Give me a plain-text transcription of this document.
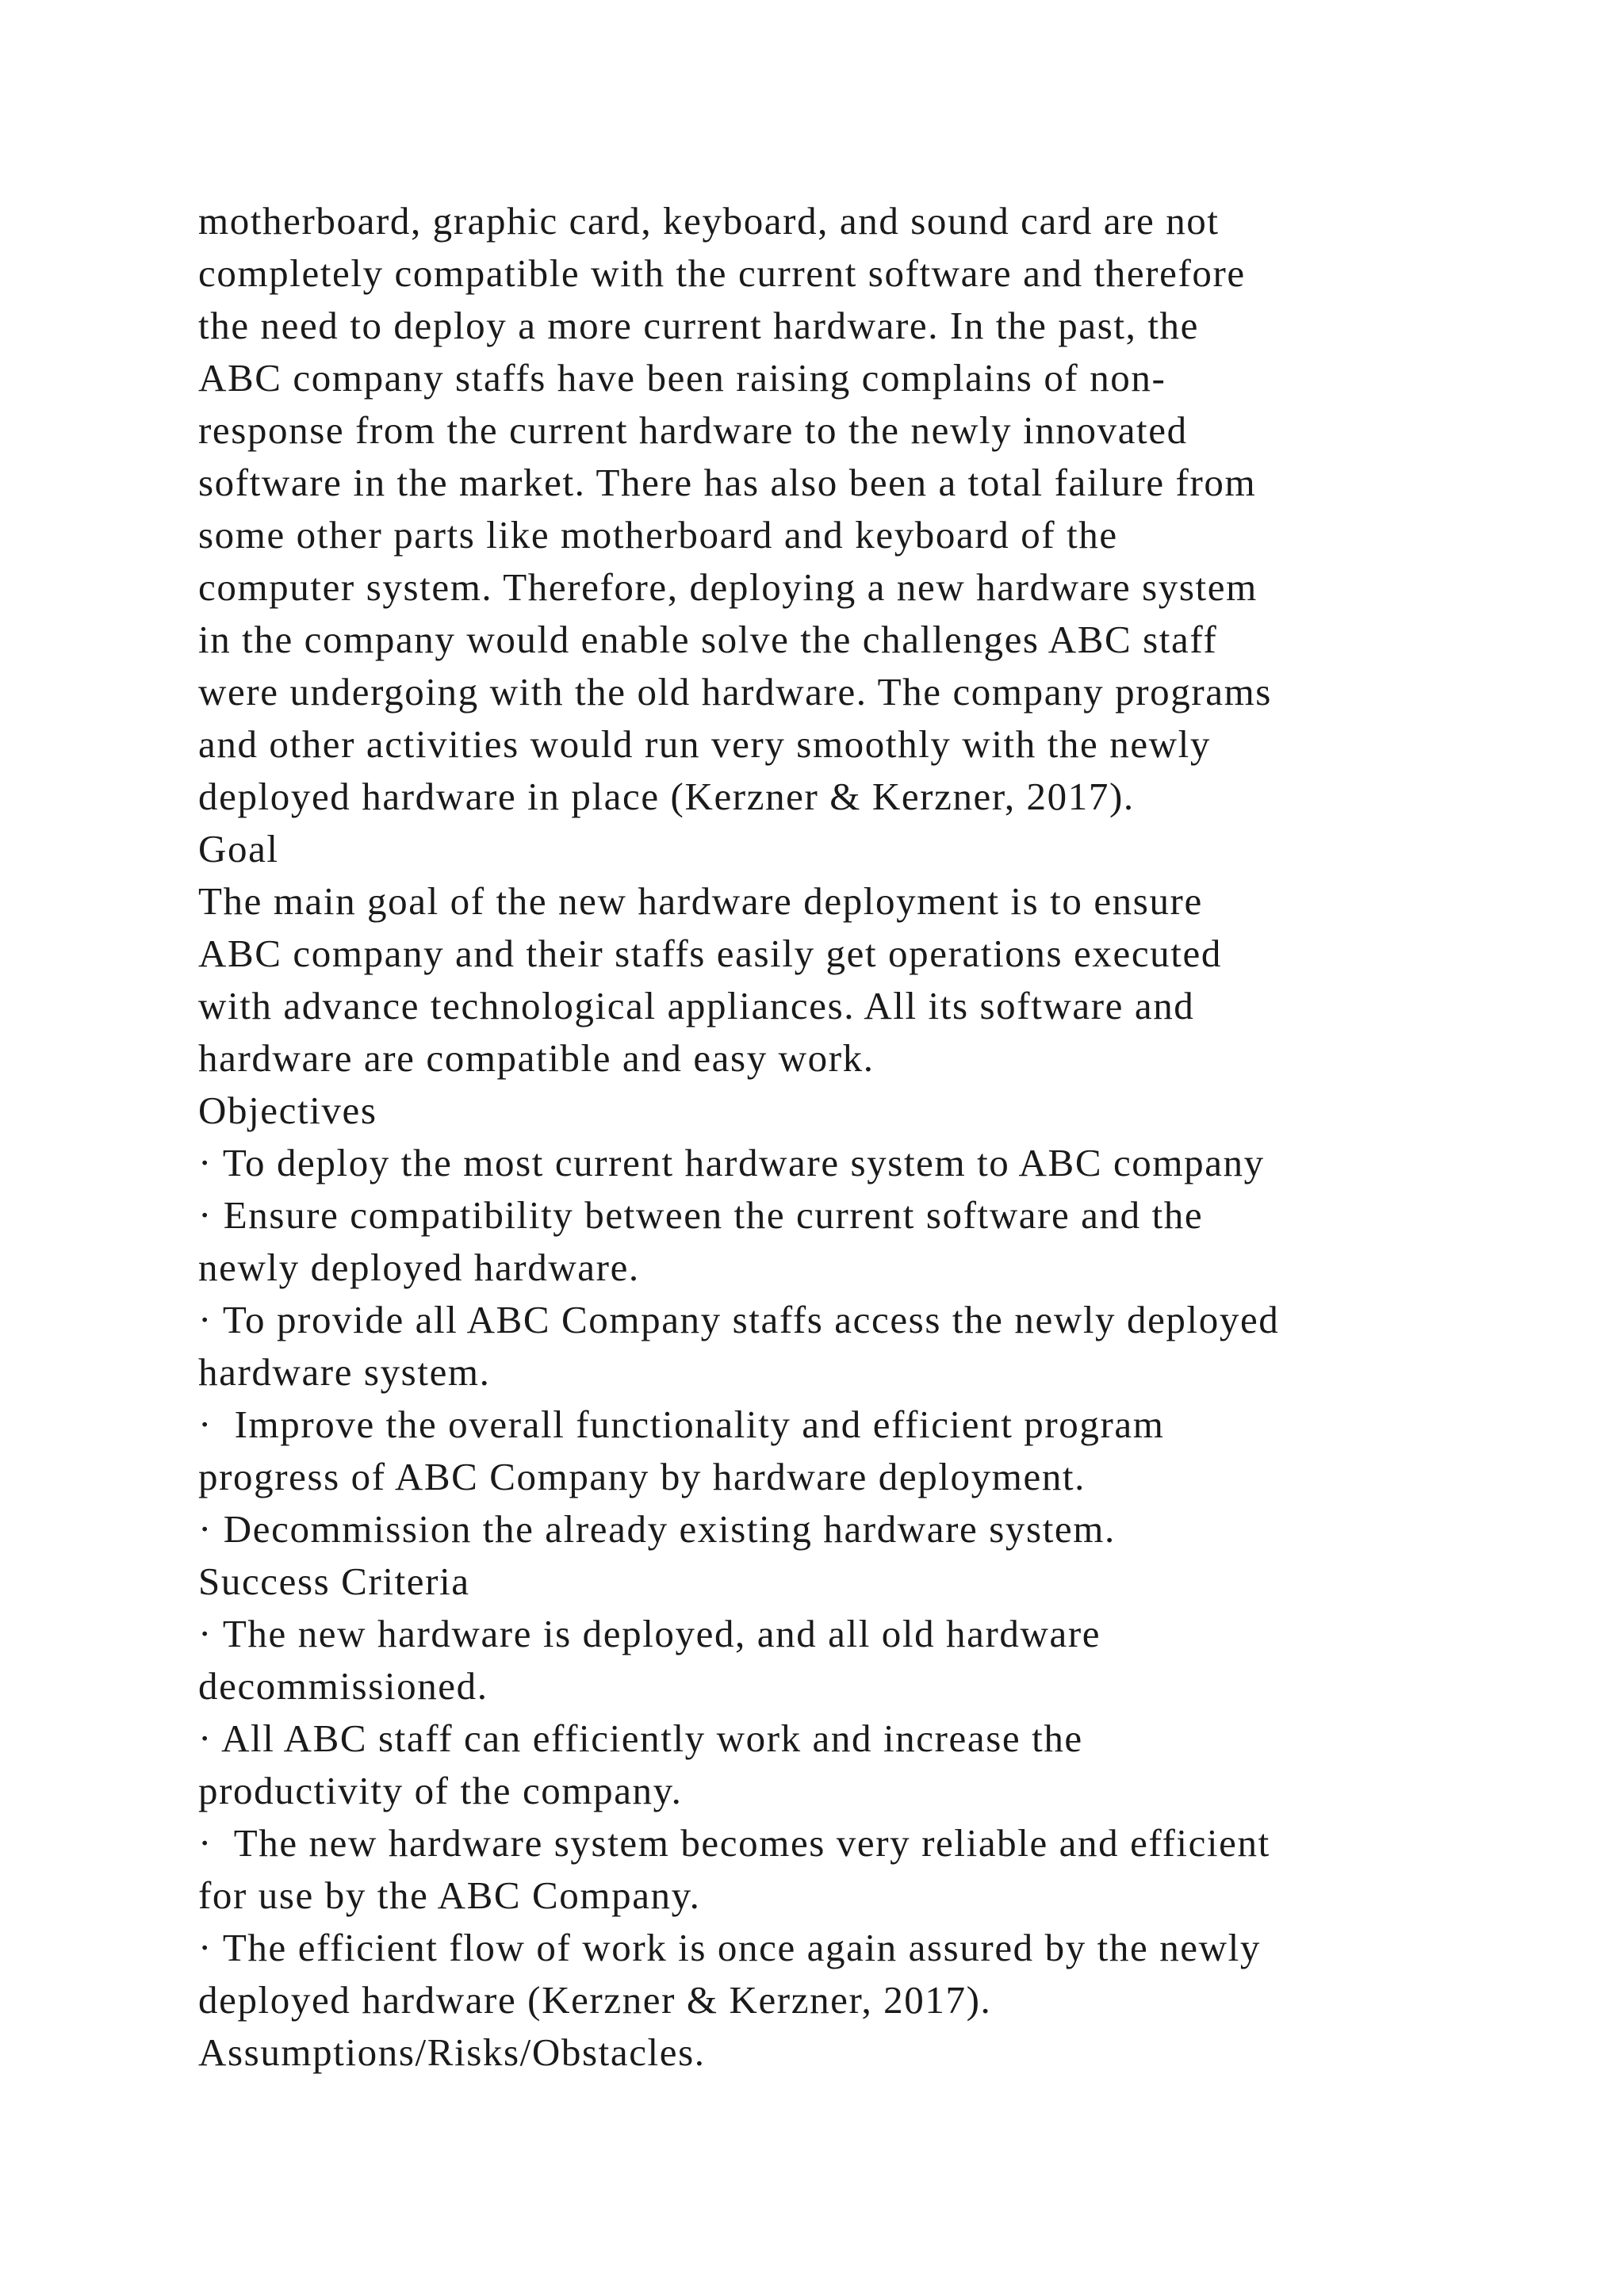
motherboard, graphic card, keyboard, and sound card are not
completely compatible with the current software and therefore
the need to deploy a more current hardware. In the past, the
ABC company staffs have been raising complains of non-
response from the current hardware to the newly innovated
software in the market. There has also been a total failure from
some other parts like motherboard and keyboard of the
computer system. Therefore, deploying a new hardware system
in the company would enable solve the challenges ABC staff
were undergoing with the old hardware. The company programs
and other activities would run very smoothly with the newly
deployed hardware in place (Kerzner & Kerzner, 2017).
Goal
The main goal of the new hardware deployment is to ensure
ABC company and their staffs easily get operations executed
with advance technological appliances. All its software and
hardware are compatible and easy work.
Objectives
· To deploy the most current hardware system to ABC company
· Ensure compatibility between the current software and the
newly deployed hardware.
· To provide all ABC Company staffs access the newly deployed
hardware system.
·  Improve the overall functionality and efficient program
progress of ABC Company by hardware deployment.
· Decommission the already existing hardware system.
Success Criteria
· The new hardware is deployed, and all old hardware
decommissioned.
· All ABC staff can efficiently work and increase the
productivity of the company.
·  The new hardware system becomes very reliable and efficient
for use by the ABC Company.
· The efficient flow of work is once again assured by the newly
deployed hardware (Kerzner & Kerzner, 2017).
Assumptions/Risks/Obstacles.
